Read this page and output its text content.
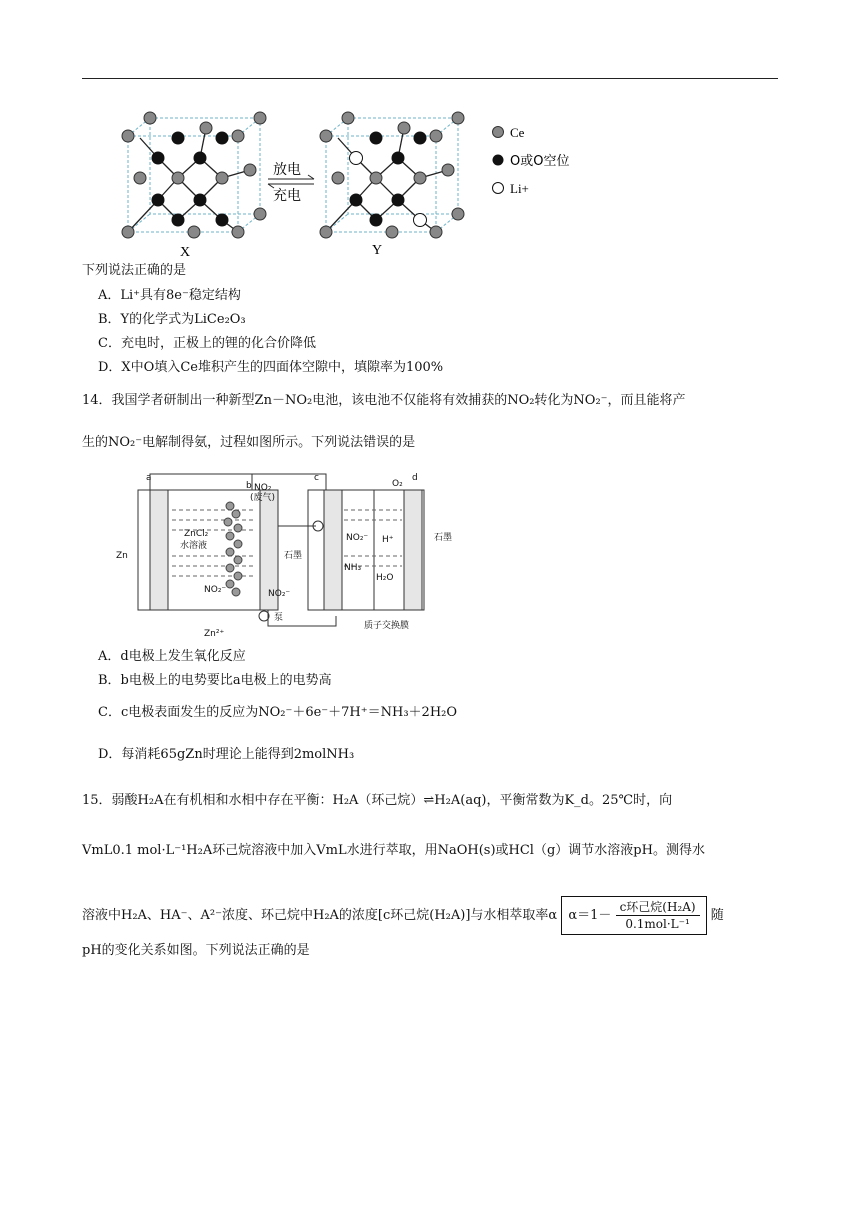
X
放电
充电
Y
Ce
O或O空位
Li+
下列说法正确的是
A．Li⁺具有8e⁻稳定结构
B．Y的化学式为LiCe₂O₃
C．充电时，正极上的锂的化合价降低
D．X中O填入Ce堆积产生的四面体空隙中，填隙率为100%
14．我国学者研制出一种新型Zn－NO₂电池，该电池不仅能将有效捕获的NO₂转化为NO₂⁻，而且能将产
生的NO₂⁻电解制得氨，过程如图所示。下列说法错误的是
a
b NO₂
(废气)
ZnCl₂
水溶液
Zn
NO₂⁻	NO₂⁻
Zn²⁺
泵
c	d
O₂
石墨
石墨
NO₂⁻ H⁺
NH₃
H₂O
质子交换膜
A．d电极上发生氧化反应
B．b电极上的电势要比a电极上的电势高
C．c电极表面发生的反应为NO₂⁻＋6e⁻＋7H⁺＝NH₃＋2H₂O
D．每消耗65gZn时理论上能得到2molNH₃
15．弱酸H₂A在有机相和水相中存在平衡：H₂A（环己烷）⇌H₂A(aq)，平衡常数为K_d。25℃时，向
VmL0.1 mol·L⁻¹H₂A环己烷溶液中加入VmL水进行萃取，用NaOH(s)或HCl（g）调节水溶液pH。测得水
溶液中H₂A、HA⁻、A²⁻浓度、环己烷中H₂A的浓度[c环己烷(H₂A)]与水相萃取率α $\alpha=1- \frac{\text{c环己烷(H₂A)}}{\text{0.1mol·L⁻¹}}$ 随
pH的变化关系如图。下列说法正确的是
